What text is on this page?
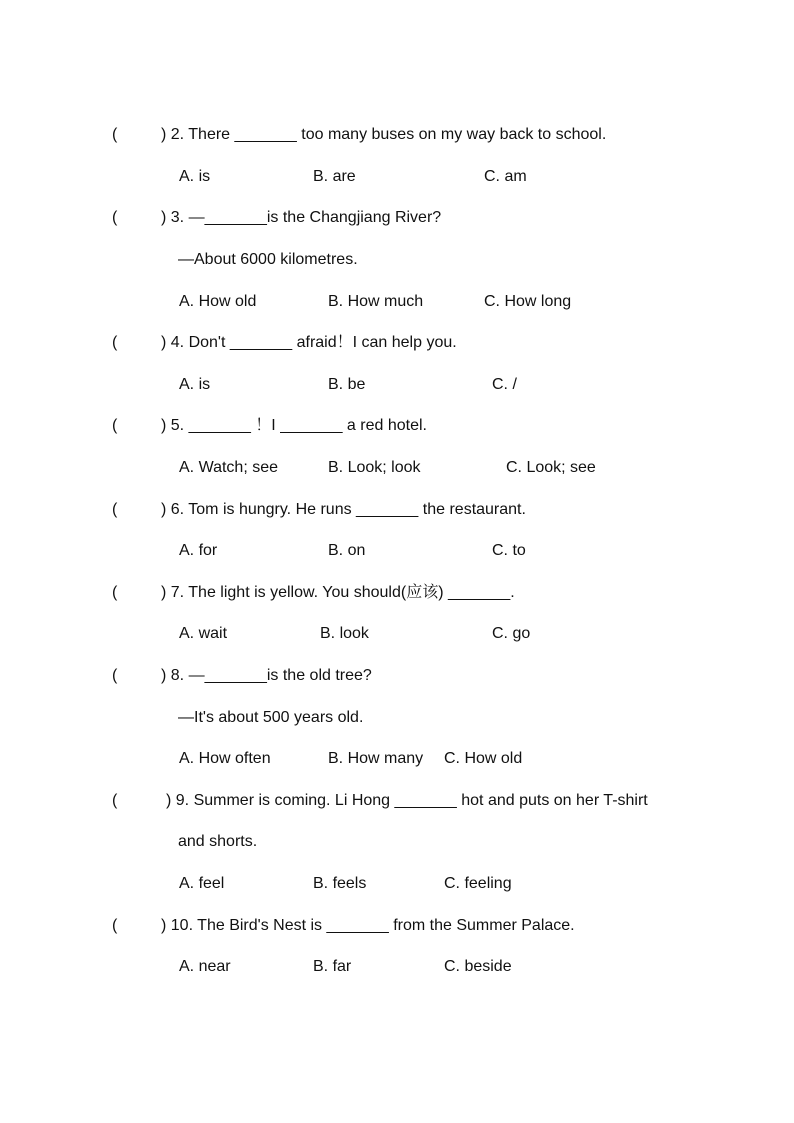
(	) 2. There _______ too many buses on my way back to school.
A. is	B. are	C. am
(	) 3. —_______is the Changjiang River?
—About 6000 kilometres.
A. How old	B. How much	C. How long
(	) 4. Don't _______ afraid！I can help you.
A. is	B. be	C. /
(	) 5. _______ ！I _______ a red hotel.
A. Watch; see	B. Look; look	C. Look; see
(	) 6. Tom is hungry. He runs _______ the restaurant.
A. for	B. on	C. to
(	) 7. The light is yellow. You should(应该) _______.
A. wait	B. look	C. go
(	) 8. —_______is the old tree?
—It's about 500 years old.
A. How often	B. How many C. How old
(	) 9. Summer is coming. Li Hong _______ hot and puts on her T-shirt
and shorts.
A. feel	B. feels	C. feeling
(	) 10. The Bird's Nest is _______ from the Summer Palace.
A. near	B. far	C. beside
